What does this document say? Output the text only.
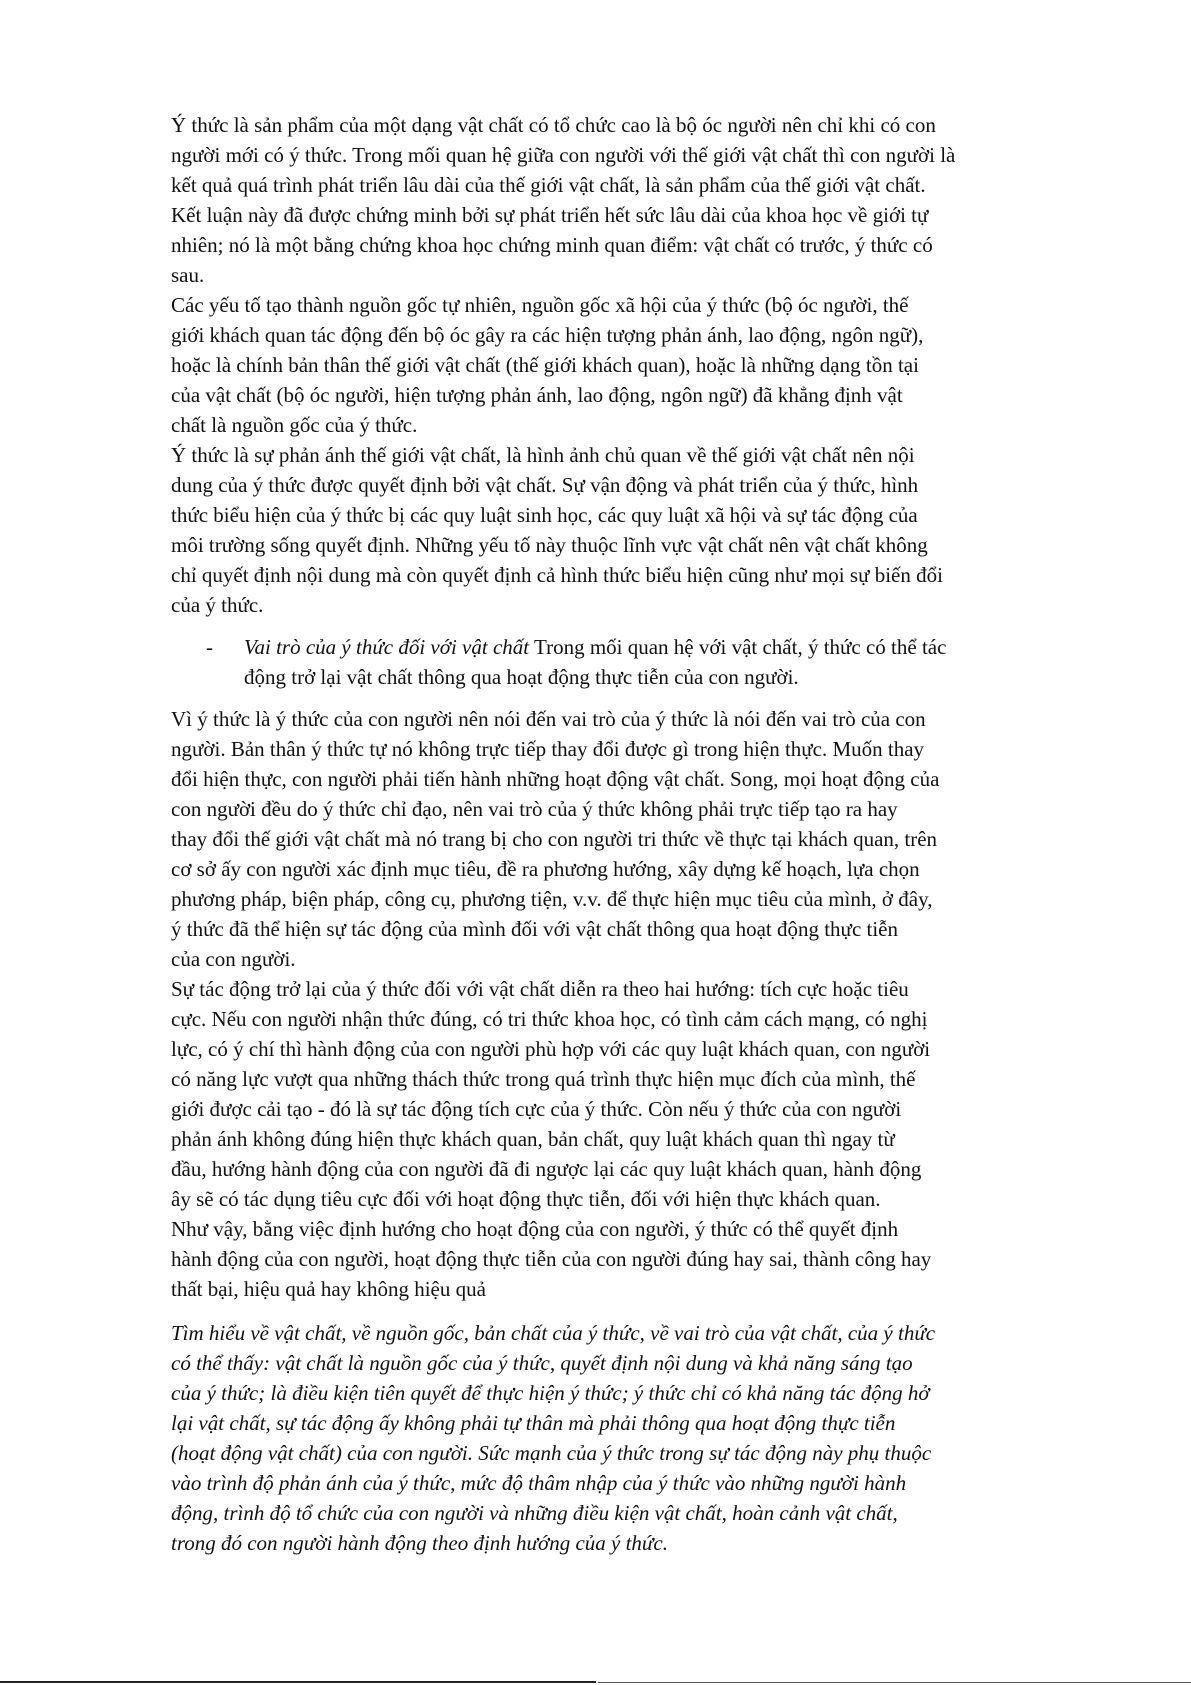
Ý thức là sản phẩm của một dạng vật chất có tổ chức cao là bộ óc người nên chỉ khi có con
người mới có ý thức. Trong mối quan hệ giữa con người với thế giới vật chất thì con người là
kết quả quá trình phát triển lâu dài của thế giới vật chất, là sản phẩm của thế giới vật chất.
Kết luận này đã được chứng minh bởi sự phát triển hết sức lâu dài của khoa học về giới tự
nhiên; nó là một bằng chứng khoa học chứng minh quan điểm: vật chất có trước, ý thức có
sau.

Các yếu tố tạo thành nguồn gốc tự nhiên, nguồn gốc xã hội của ý thức (bộ óc người, thế
giới khách quan tác động đến bộ óc gây ra các hiện tượng phản ánh, lao động, ngôn ngữ),
hoặc là chính bản thân thế giới vật chất (thế giới khách quan), hoặc là những dạng tồn tại
của vật chất (bộ óc người, hiện tượng phản ánh, lao động, ngôn ngữ) đã khẳng định vật
chất là nguồn gốc của ý thức.

Ý thức là sự phản ánh thế giới vật chất, là hình ảnh chủ quan về thế giới vật chất nên nội
dung của ý thức được quyết định bởi vật chất. Sự vận động và phát triển của ý thức, hình
thức biểu hiện của ý thức bị các quy luật sinh học, các quy luật xã hội và sự tác động của
môi trường sống quyết định. Những yếu tố này thuộc lĩnh vực vật chất nên vật chất không
chỉ quyết định nội dung mà còn quyết định cả hình thức biểu hiện cũng như mọi sự biến đổi
của ý thức.

-	Vai trò của ý thức đối với vật chất Trong mối quan hệ với vật chất, ý thức có thể tác
động trở lại vật chất thông qua hoạt động thực tiễn của con người.

Vì ý thức là ý thức của con người nên nói đến vai trò của ý thức là nói đến vai trò của con
người. Bản thân ý thức tự nó không trực tiếp thay đổi được gì trong hiện thực. Muốn thay
đổi hiện thực, con người phải tiến hành những hoạt động vật chất. Song, mọi hoạt động của
con người đều do ý thức chỉ đạo, nên vai trò của ý thức không phải trực tiếp tạo ra hay
thay đổi thế giới vật chất mà nó trang bị cho con người tri thức về thực tại khách quan, trên
cơ sở ấy con người xác định mục tiêu, đề ra phương hướng, xây dựng kế hoạch, lựa chọn
phương pháp, biện pháp, công cụ, phương tiện, v.v. để thực hiện mục tiêu của mình, ở đây,
ý thức đã thể hiện sự tác động của mình đối với vật chất thông qua hoạt động thực tiễn
của con người.

Sự tác động trở lại của ý thức đối với vật chất diễn ra theo hai hướng: tích cực hoặc tiêu
cực. Nếu con người nhận thức đúng, có tri thức khoa học, có tình cảm cách mạng, có nghị
lực, có ý chí thì hành động của con người phù hợp với các quy luật khách quan, con người
có năng lực vượt qua những thách thức trong quá trình thực hiện mục đích của mình, thế
giới được cải tạo - đó là sự tác động tích cực của ý thức. Còn nếu ý thức của con người
phản ánh không đúng hiện thực khách quan, bản chất, quy luật khách quan thì ngay từ
đầu, hướng hành động của con người đã đi ngược lại các quy luật khách quan, hành động
ây sẽ có tác dụng tiêu cực đối với hoạt động thực tiễn, đối với hiện thực khách quan.

Như vậy, bằng việc định hướng cho hoạt động của con người, ý thức có thể quyết định
hành động của con người, hoạt động thực tiễn của con người đúng hay sai, thành công hay
thất bại, hiệu quả hay không hiệu quả

Tìm hiểu về vật chất, về nguồn gốc, bản chất của ý thức, về vai trò của vật chất, của ý thức
có thể thấy: vật chất là nguồn gốc của ý thức, quyết định nội dung và khả năng sáng tạo
của ý thức; là điều kiện tiên quyết để thực hiện ý thức; ý thức chỉ có khả năng tác động hở
lại vật chất, sự tác động ấy không phải tự thân mà phải thông qua hoạt động thực tiễn
(hoạt động vật chất) của con người. Sức mạnh của ý thức trong sự tác động này phụ thuộc
vào trình độ phản ánh của ý thức, mức độ thâm nhập của ý thức vào những người hành
động, trình độ tổ chức của con người và những điều kiện vật chất, hoàn cảnh vật chất,
trong đó con người hành động theo định hướng của ý thức.
